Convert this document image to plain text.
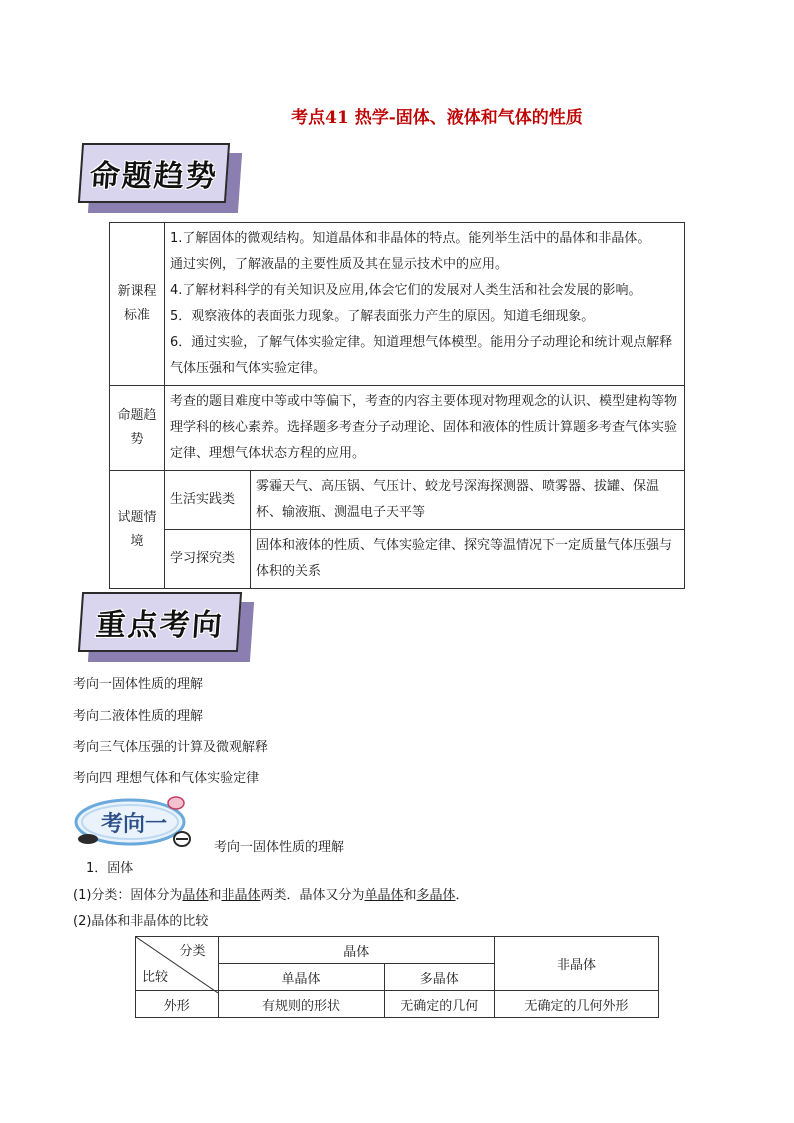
考点41 热学-固体、液体和气体的性质
命题趋势
新课程标准	1.了解固体的微观结构。知道晶体和非晶体的特点。能列举生活中的晶体和非晶体。
通过实例，了解液晶的主要性质及其在显示技术中的应用。
4.了解材料科学的有关知识及应用,体会它们的发展对人类生活和社会发展的影响。
5．观察液体的表面张力现象。了解表面张力产生的原因。知道毛细现象。
6．通过实验，了解气体实验定律。知道理想气体模型。能用分子动理论和统计观点解释气体压强和气体实验定律。	

命题趋势	考查的题目难度中等或中等偏下，考查的内容主要体现对物理观念的认识、模型建构等物理学科的核心素养。选择题多考查分子动理论、固体和液体的性质计算题多考查气体实验定律、理想气体状态方程的应用。	
试题情境	生活实践类	雾霾天气、高压锅、气压计、蛟龙号深海探测器、喷雾器、拔罐、保温杯、输液瓶、测温电子天平等
	学习探究类	固体和液体的性质、气体实验定律、探究等温情况下一定质量气体压强与体积的关系
重点考向
考向一固体性质的理解
考向二液体性质的理解
考向三气体压强的计算及微观解释
考向四 理想气体和气体实验定律
考向一
考向一固体性质的理解
1．固体
(1)分类：固体分为晶体和非晶体两类．晶体又分为单晶体和多晶体．
(2)晶体和非晶体的比较
分类
比较	晶体		非晶体
	单晶体	多晶体	
外形	有规则的形状	无确定的几何	无确定的几何外形
